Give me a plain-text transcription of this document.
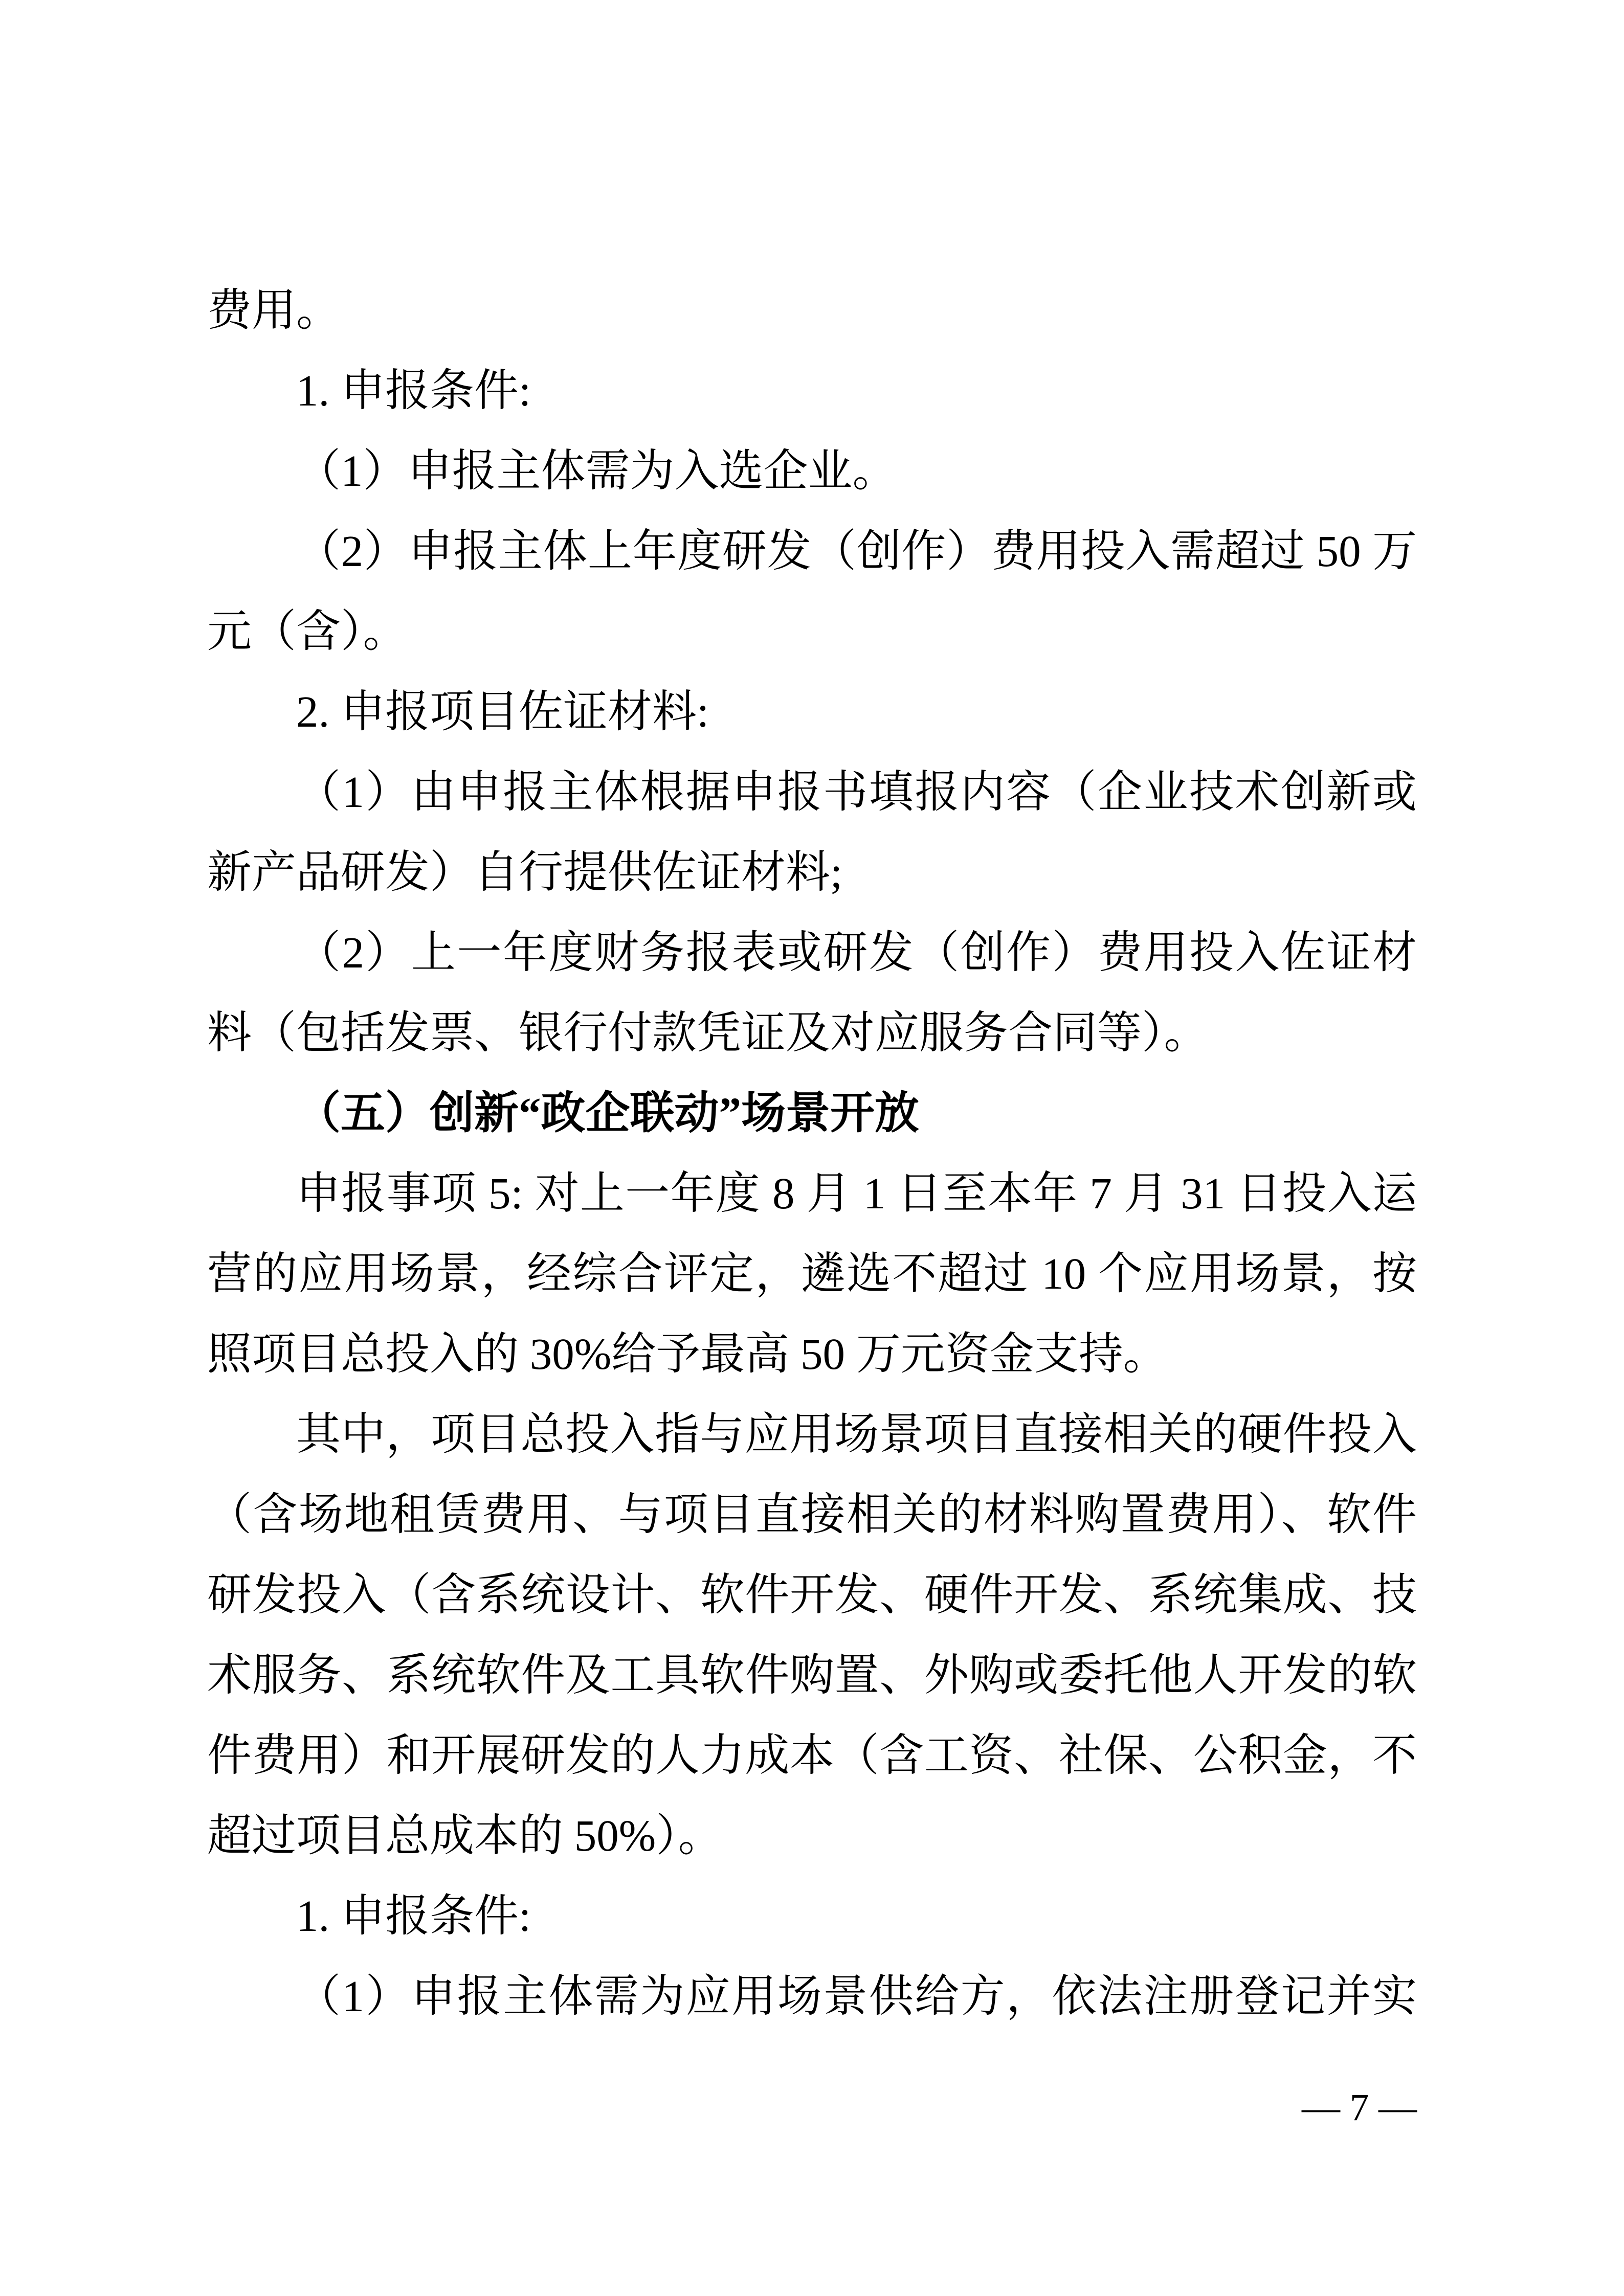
费用。
1. 申报条件:
（1）申报主体需为入选企业。
（2）申报主体上年度研发（创作）费用投入需超过 50 万
元（含）。
2. 申报项目佐证材料:
（1）由申报主体根据申报书填报内容（企业技术创新或
新产品研发）自行提供佐证材料;
（2）上一年度财务报表或研发（创作）费用投入佐证材
料（包括发票、银行付款凭证及对应服务合同等）。
（五）创新“政企联动”场景开放
申报事项 5: 对上一年度 8 月 1 日至本年 7 月 31 日投入运
营的应用场景，经综合评定，遴选不超过 10 个应用场景，按
照项目总投入的 30%给予最高 50 万元资金支持。
其中，项目总投入指与应用场景项目直接相关的硬件投入
（含场地租赁费用、与项目直接相关的材料购置费用）、软件
研发投入（含系统设计、软件开发、硬件开发、系统集成、技
术服务、系统软件及工具软件购置、外购或委托他人开发的软
件费用）和开展研发的人力成本（含工资、社保、公积金，不
超过项目总成本的 50%）。
1. 申报条件:
（1）申报主体需为应用场景供给方，依法注册登记并实
— 7 —
